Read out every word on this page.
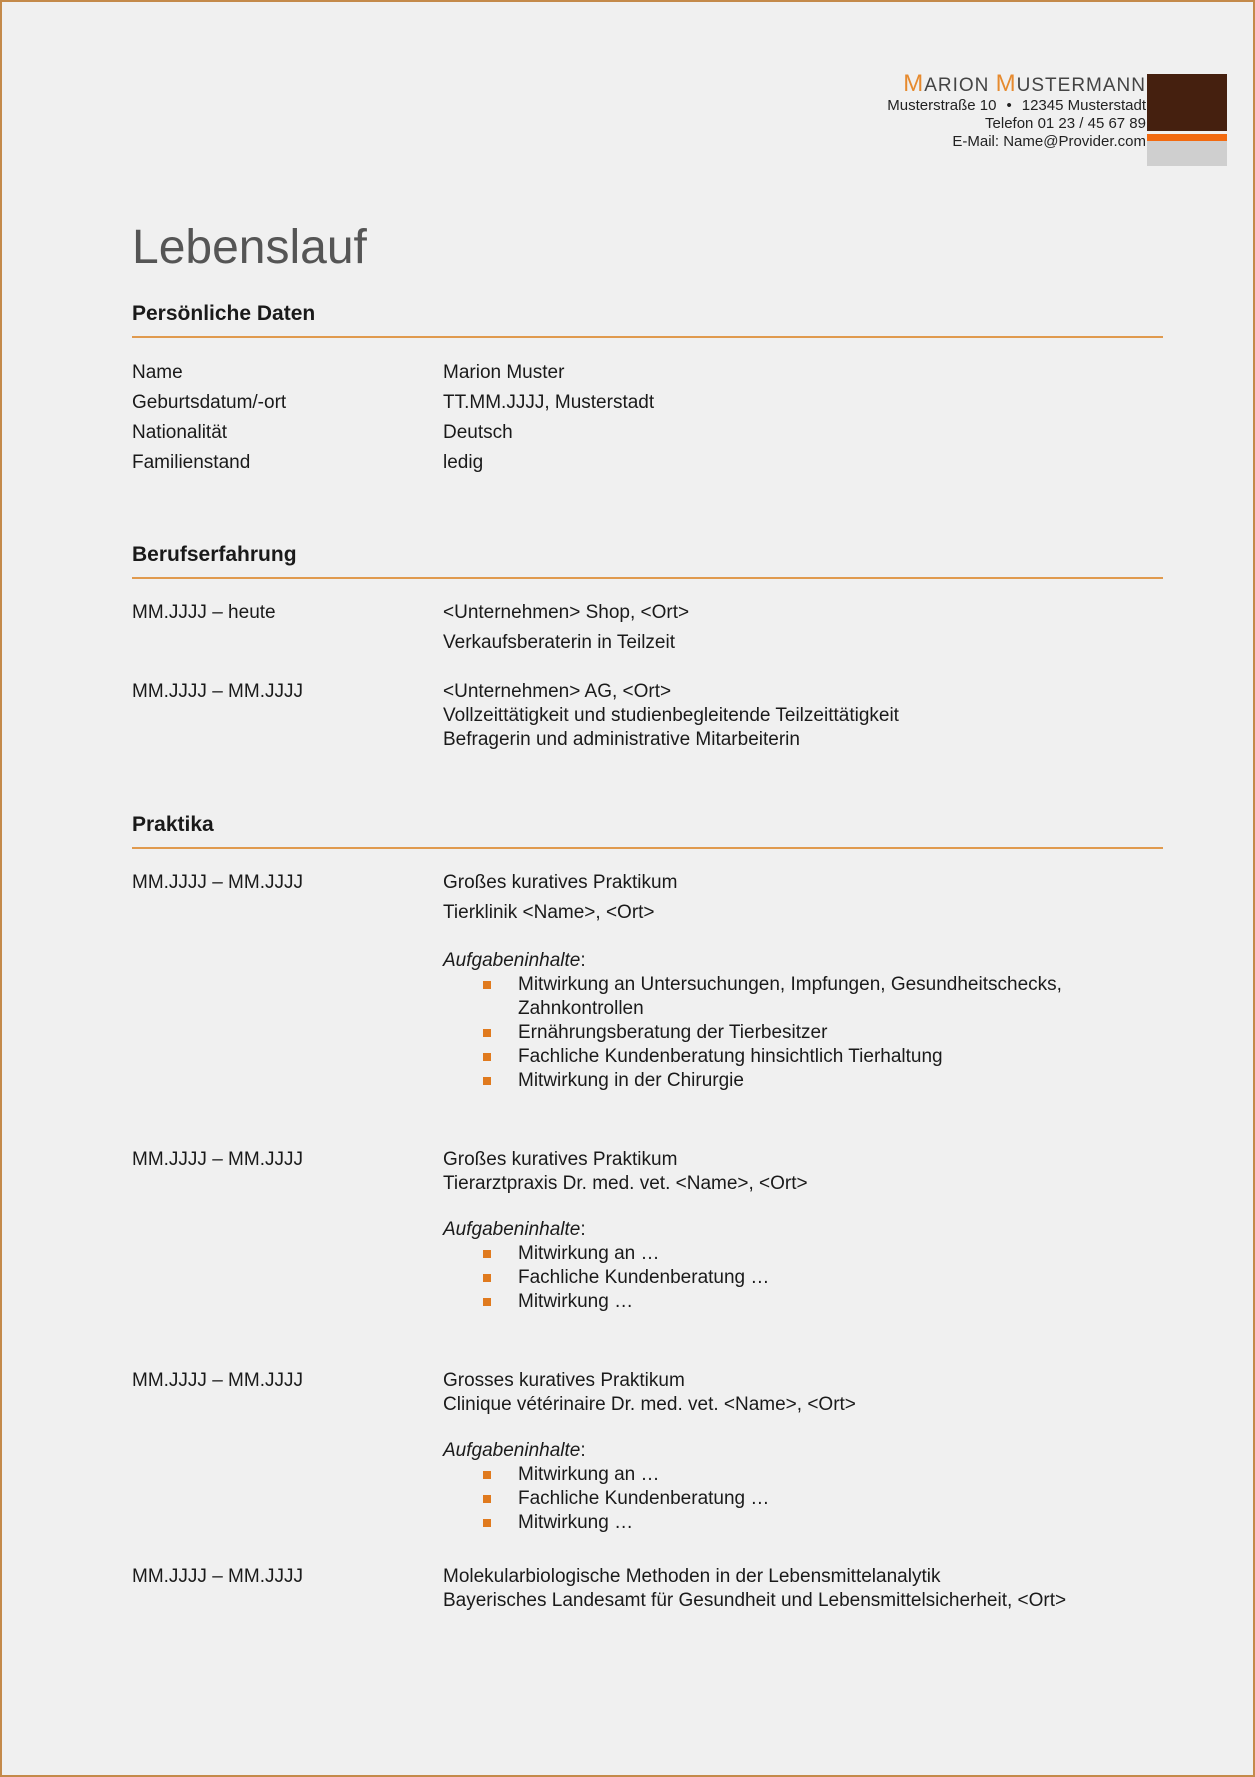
MARION MUSTERMANN
Musterstraße 10 • 12345 Musterstadt
Telefon 01 23 / 45 67 89
E-Mail: Name@Provider.com
Lebenslauf
Persönliche Daten
Name	Marion Muster
Geburtsdatum/-ort	TT.MM.JJJJ, Musterstadt
Nationalität	Deutsch
Familienstand	ledig
Berufserfahrung
MM.JJJJ – heute	<Unternehmen> Shop, <Ort>
Verkaufsberaterin in Teilzeit
MM.JJJJ – MM.JJJJ	<Unternehmen> AG, <Ort>
Vollzeittätigkeit und studienbegleitende Teilzeittätigkeit
Befragerin und administrative Mitarbeiterin
Praktika
MM.JJJJ – MM.JJJJ	Großes kuratives Praktikum
Tierklinik <Name>, <Ort>
Aufgabeninhalte:
Mitwirkung an Untersuchungen, Impfungen, Gesundheitschecks,
Zahnkontrollen
Ernährungsberatung der Tierbesitzer
Fachliche Kundenberatung hinsichtlich Tierhaltung
Mitwirkung in der Chirurgie
MM.JJJJ – MM.JJJJ	Großes kuratives Praktikum
Tierarztpraxis Dr. med. vet. <Name>, <Ort>
Aufgabeninhalte:
Mitwirkung an …
Fachliche Kundenberatung …
Mitwirkung …
MM.JJJJ – MM.JJJJ	Grosses kuratives Praktikum
Clinique vétérinaire Dr. med. vet. <Name>, <Ort>
Aufgabeninhalte:
Mitwirkung an …
Fachliche Kundenberatung …
Mitwirkung …
MM.JJJJ – MM.JJJJ	Molekularbiologische Methoden in der Lebensmittelanalytik
Bayerisches Landesamt für Gesundheit und Lebensmittelsicherheit, <Ort>
